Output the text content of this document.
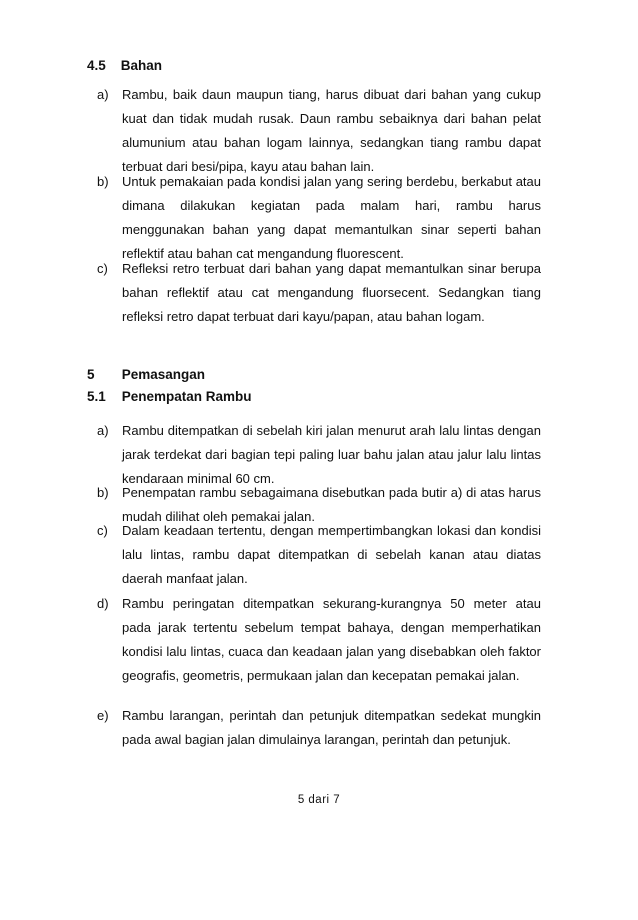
4.5 Bahan
a)	Rambu, baik daun maupun tiang, harus dibuat dari bahan yang cukup kuat dan tidak mudah rusak. Daun rambu sebaiknya dari bahan pelat alumunium atau bahan logam lainnya, sedangkan tiang rambu dapat terbuat dari besi/pipa, kayu atau bahan lain.
b)	Untuk pemakaian pada kondisi jalan yang sering berdebu, berkabut atau dimana dilakukan kegiatan pada malam hari, rambu harus menggunakan bahan yang dapat memantulkan sinar seperti bahan reflektif atau bahan cat mengandung fluorescent.
c)	Refleksi retro terbuat dari bahan yang dapat memantulkan sinar berupa bahan reflektif atau cat mengandung fluorsecent. Sedangkan tiang refleksi retro dapat terbuat dari kayu/papan, atau bahan logam.
5 Pemasangan
5.1 Penempatan Rambu
a)	Rambu ditempatkan di sebelah kiri jalan menurut arah lalu lintas dengan jarak terdekat dari bagian tepi paling luar bahu jalan atau jalur lalu lintas kendaraan minimal 60 cm.
b)	Penempatan rambu sebagaimana disebutkan pada butir a) di atas harus mudah dilihat oleh pemakai jalan.
c)	Dalam keadaan tertentu, dengan mempertimbangkan lokasi dan kondisi lalu lintas, rambu dapat ditempatkan di sebelah kanan atau diatas daerah manfaat jalan.
d)	Rambu peringatan ditempatkan sekurang-kurangnya 50 meter atau pada jarak tertentu sebelum tempat bahaya, dengan memperhatikan kondisi lalu lintas, cuaca dan keadaan jalan yang disebabkan oleh faktor geografis, geometris, permukaan jalan dan kecepatan pemakai jalan.
e)	Rambu larangan, perintah dan petunjuk ditempatkan sedekat mungkin pada awal bagian jalan dimulainya larangan, perintah dan petunjuk.
5 dari 7
